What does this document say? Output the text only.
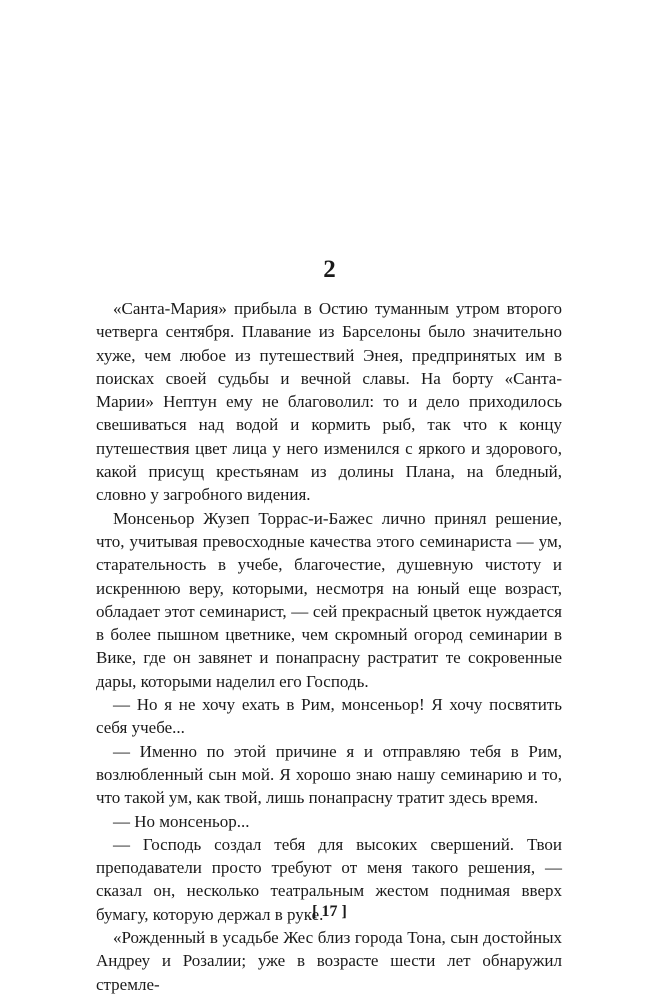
2

«Санта-Мария» прибыла в Остию туманным утром второго четверга сентября. Плавание из Барселоны было значительно хуже, чем любое из путешествий Энея, предпринятых им в поисках своей судьбы и вечной славы. На борту «Санта-Марии» Нептун ему не благоволил: то и дело приходилось свешиваться над водой и кормить рыб, так что к концу путешествия цвет лица у него изменился с яркого и здорового, какой присущ крестьянам из долины Плана, на бледный, словно у загробного видения.

Монсеньор Жузеп Торрас-и-Бажес лично принял решение, что, учитывая превосходные качества этого семинариста — ум, старательность в учебе, благочестие, душевную чистоту и искреннюю веру, которыми, несмотря на юный еще возраст, обладает этот семинарист, — сей прекрасный цветок нуждается в более пышном цветнике, чем скромный огород семинарии в Вике, где он завянет и понапрасну растратит те сокровенные дары, которыми наделил его Господь.

— Но я не хочу ехать в Рим, монсеньор! Я хочу посвятить себя учебе...

— Именно по этой причине я и отправляю тебя в Рим, возлюбленный сын мой. Я хорошо знаю нашу семинарию и то, что такой ум, как твой, лишь понапрасну тратит здесь время.

— Но монсеньор...

— Господь создал тебя для высоких свершений. Твои преподаватели просто требуют от меня такого решения, — сказал он, несколько театральным жестом поднимая вверх бумагу, которую держал в руке.

«Рожденный в усадьбе Жес близ города Тона, сын достойных Андреу и Розалии; уже в возрасте шести лет обнаружил стремле-

[ 17 ]
